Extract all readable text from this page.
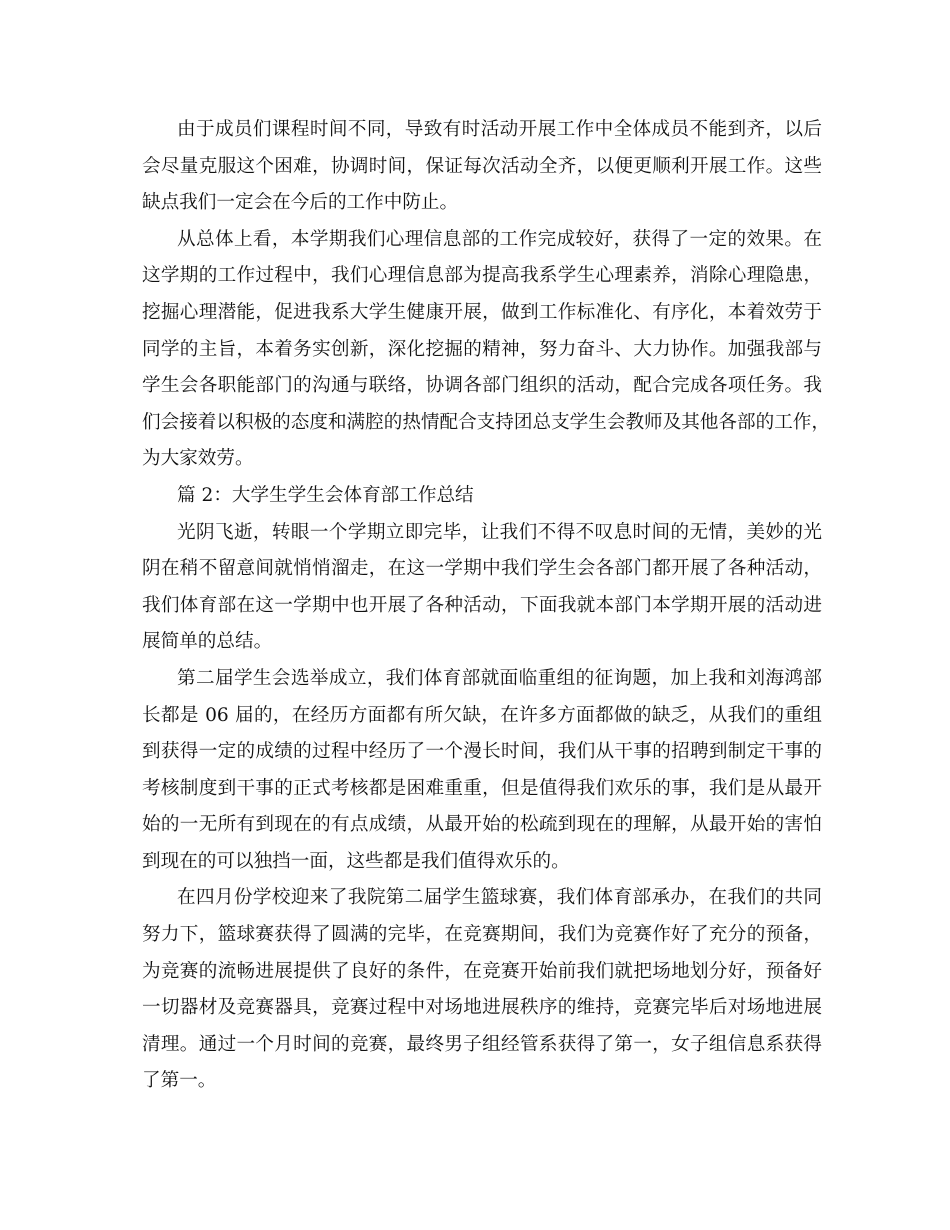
由于成员们课程时间不同，导致有时活动开展工作中全体成员不能到齐，以后
会尽量克服这个困难，协调时间，保证每次活动全齐，以便更顺利开展工作。这些
缺点我们一定会在今后的工作中防止。
从总体上看，本学期我们心理信息部的工作完成较好，获得了一定的效果。在
这学期的工作过程中，我们心理信息部为提高我系学生心理素养，消除心理隐患，
挖掘心理潜能，促进我系大学生健康开展，做到工作标准化、有序化，本着效劳于
同学的主旨，本着务实创新，深化挖掘的精神，努力奋斗、大力协作。加强我部与
学生会各职能部门的沟通与联络，协调各部门组织的活动，配合完成各项任务。我
们会接着以积极的态度和满腔的热情配合支持团总支学生会教师及其他各部的工作，
为大家效劳。
篇 2：大学生学生会体育部工作总结
光阴飞逝，转眼一个学期立即完毕，让我们不得不叹息时间的无情，美妙的光
阴在稍不留意间就悄悄溜走，在这一学期中我们学生会各部门都开展了各种活动，
我们体育部在这一学期中也开展了各种活动，下面我就本部门本学期开展的活动进
展简单的总结。
第二届学生会选举成立，我们体育部就面临重组的征询题，加上我和刘海鸿部
长都是 06 届的，在经历方面都有所欠缺，在许多方面都做的缺乏，从我们的重组
到获得一定的成绩的过程中经历了一个漫长时间，我们从干事的招聘到制定干事的
考核制度到干事的正式考核都是困难重重，但是值得我们欢乐的事，我们是从最开
始的一无所有到现在的有点成绩，从最开始的松疏到现在的理解，从最开始的害怕
到现在的可以独挡一面，这些都是我们值得欢乐的。
在四月份学校迎来了我院第二届学生篮球赛，我们体育部承办，在我们的共同
努力下，篮球赛获得了圆满的完毕，在竞赛期间，我们为竞赛作好了充分的预备，
为竞赛的流畅进展提供了良好的条件，在竞赛开始前我们就把场地划分好，预备好
一切器材及竞赛器具，竞赛过程中对场地进展秩序的维持，竞赛完毕后对场地进展
清理。通过一个月时间的竞赛，最终男子组经管系获得了第一，女子组信息系获得
了第一。
